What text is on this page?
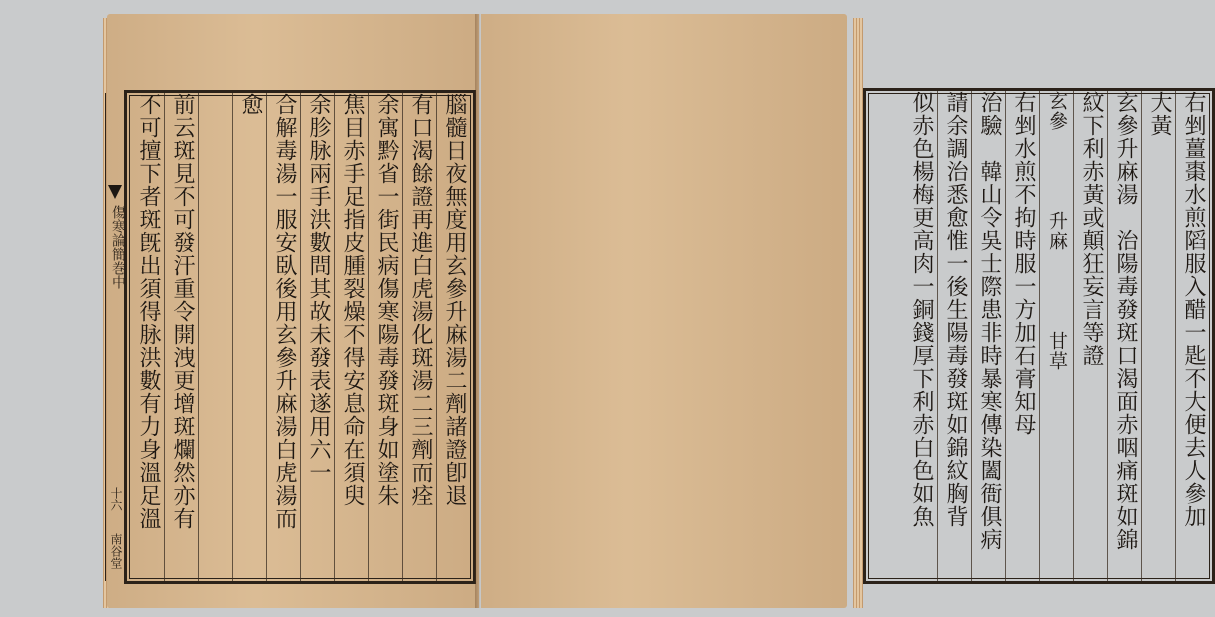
腦髓日夜無度用玄參升麻湯二劑諸證卽退
有口渴餘證再進白虎湯化斑湯二三劑而痊
余寓黔省一街民病傷寒陽毒發斑身如塗朱
焦目赤手足指皮腫裂燥不得安息命在須臾
余胗脉兩手洪數問其故未發表遂用六一
合解毒湯一服安臥後用玄參升麻湯白虎湯而
愈
前云斑見不可發汗重令開洩更增斑爛然亦有
不可擅下者斑旣出須得脉洪數有力身溫足溫
傷寒論簡巻中
十六
南谷堂
右剉薑棗水煎䧟服入醋一匙不大便去人參加
大黃
玄參升麻湯　治陽毒發斑口渴面赤咽痛斑如錦
紋下利赤黃或顛狂妄言等證
玄參　　　　升麻　　　　甘草
右剉水煎不拘時服一方加石膏知母
治驗　韓山令吳士際患非時暴寒傳染闔衙俱病
請余調治悉愈惟一後生陽毒發斑如錦紋胸背
似赤色楊梅更高肉一銅錢厚下利赤白色如魚
